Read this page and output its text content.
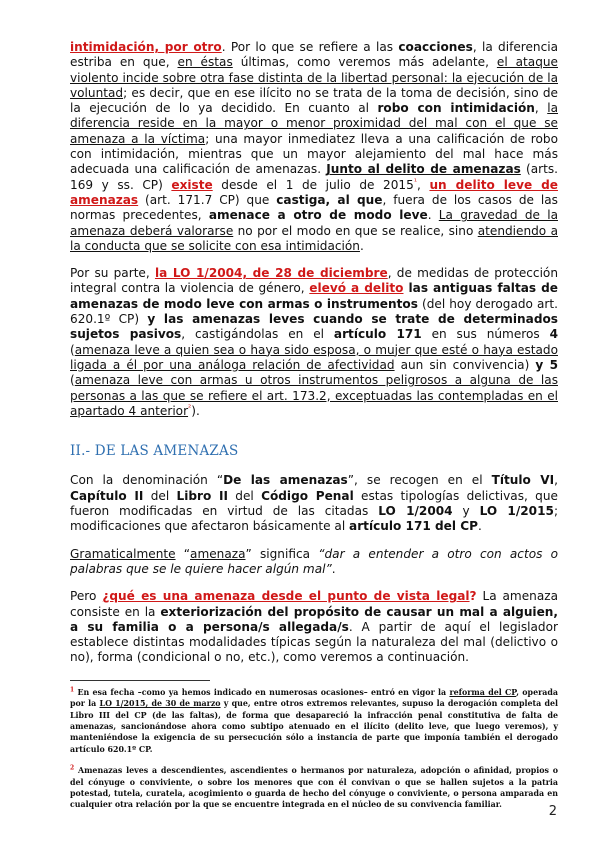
intimidación, por otro. Por lo que se refiere a las coacciones, la diferencia estriba en que, en éstas últimas, como veremos más adelante, el ataque violento incide sobre otra fase distinta de la libertad personal: la ejecución de la voluntad; es decir, que en ese ilícito no se trata de la toma de decisión, sino de la ejecución de lo ya decidido. En cuanto al robo con intimidación, la diferencia reside en la mayor o menor proximidad del mal con el que se amenaza a la víctima; una mayor inmediatez lleva a una calificación de robo con intimidación, mientras que un mayor alejamiento del mal hace más adecuada una calificación de amenazas. Junto al delito de amenazas (arts. 169 y ss. CP) existe desde el 1 de julio de $2015^{^1}$, un delito leve de amenazas (art. 171.7 CP) que castiga, al que, fuera de los casos de las normas precedentes, amenace a otro de modo leve. La gravedad de la amenaza deberá valorarse no por el modo en que se realice, sino atendiendo a la conducta que se solicite con esa intimidación.

Por su parte, la LO 1/2004, de 28 de diciembre, de medidas de protección integral contra la violencia de género, elevó a delito las antiguas faltas de amenazas de modo leve con armas o instrumentos (del hoy derogado art. 620.1º CP) y las amenazas leves cuando se trate de determinados sujetos pasivos, castigándolas en el artículo 171 en sus números 4 (amenaza leve a quien sea o haya sido esposa, o mujer que esté o haya estado ligada a él por una análoga relación de afectividad aun sin convivencia) y 5 (amenaza leve con armas u otros instrumentos peligrosos a alguna de las personas a las que se refiere el art. 173.2, exceptuadas las contempladas en el apartado 4 anterior$^{^2}$).

II.- DE LAS AMENAZAS

Con la denominación “De las amenazas”, se recogen en el Título VI, Capítulo II del Libro II del Código Penal estas tipologías delictivas, que fueron modificadas en virtud de las citadas LO 1/2004 y LO 1/2015; modificaciones que afectaron básicamente al artículo 171 del CP.

Gramaticalmente “amenaza” significa “dar a entender a otro con actos o palabras que se le quiere hacer algún mal”.

Pero ¿qué es una amenaza desde el punto de vista legal? La amenaza consiste en la exteriorización del propósito de causar un mal a alguien, a su familia o a persona/s allegada/s. A partir de aquí el legislador establece distintas modalidades típicas según la naturaleza del mal (delictivo o no), forma (condicional o no, etc.), como veremos a continuación.

$^1$ En esa fecha –como ya hemos indicado en numerosas ocasiones– entró en vigor la reforma del CP, operada por la LO 1/2015, de 30 de marzo y que, entre otros extremos relevantes, supuso la derogación completa del Libro III del CP (de las faltas), de forma que desapareció la infracción penal constitutiva de falta de amenazas, sancionándose ahora como subtipo atenuado en el ilícito (delito leve, que luego veremos), y manteniéndose la exigencia de su persecución sólo a instancia de parte que imponía también el derogado artículo 620.1º CP.

$^2$ Amenazas leves a descendientes, ascendientes o hermanos por naturaleza, adopción o afinidad, propios o del cónyuge o conviviente, o sobre los menores que con él convivan o que se hallen sujetos a la patria potestad, tutela, curatela, acogimiento o guarda de hecho del cónyuge o conviviente, o persona amparada en cualquier otra relación por la que se encuentre integrada en el núcleo de su convivencia familiar.	2
